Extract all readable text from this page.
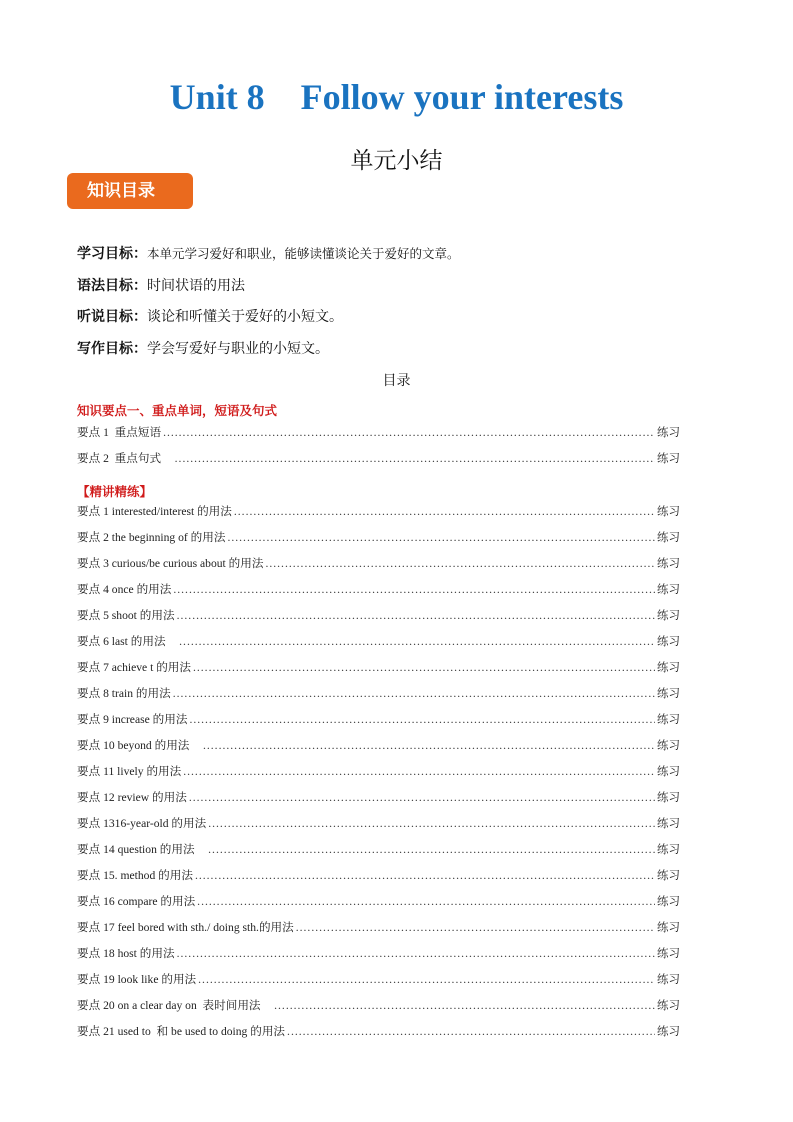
Unit 8    Follow your interests
单元小结
知识目录
学习目标：本单元学习爱好和职业，能够读懂谈论关于爱好的文章。
语法目标：时间状语的用法
听说目标：谈论和听懂关于爱好的小短文。
写作目标：学会写爱好与职业的小短文。
目录
知识要点一、重点单词，短语及句式
要点 1  重点短语 .....	练习
要点 2  重点句式 .....	练习
【精讲精练】
要点 1 interested/interest 的用法 .....	练习
要点 2 the beginning of 的用法 .....	练习
要点 3 curious/be curious about 的用法 .....	练习
要点 4 once 的用法 .....	练习
要点 5 shoot 的用法 .....	练习
要点 6 last 的用法 .....	练习
要点 7 achieve t 的用法 .....	练习
要点 8 train 的用法 .....	练习
要点 9 increase 的用法 .....	练习
要点 10 beyond 的用法 .....	练习
要点 11 lively 的用法 .....	练习
要点 12 review 的用法 .....	练习
要点 1316-year-old 的用法 .....	练习
要点 14 question 的用法 .....	练习
要点 15. method 的用法 .....	练习
要点 16 compare 的用法 .....	练习
要点 17 feel bored with sth./ doing sth.的用法 .....	练习
要点 18 host 的用法 .....	练习
要点 19 look like 的用法 .....	练习
要点 20 on a clear day on  表时间用法 .....	练习
要点 21 used to  和 be used to doing 的用法 .....	练习
